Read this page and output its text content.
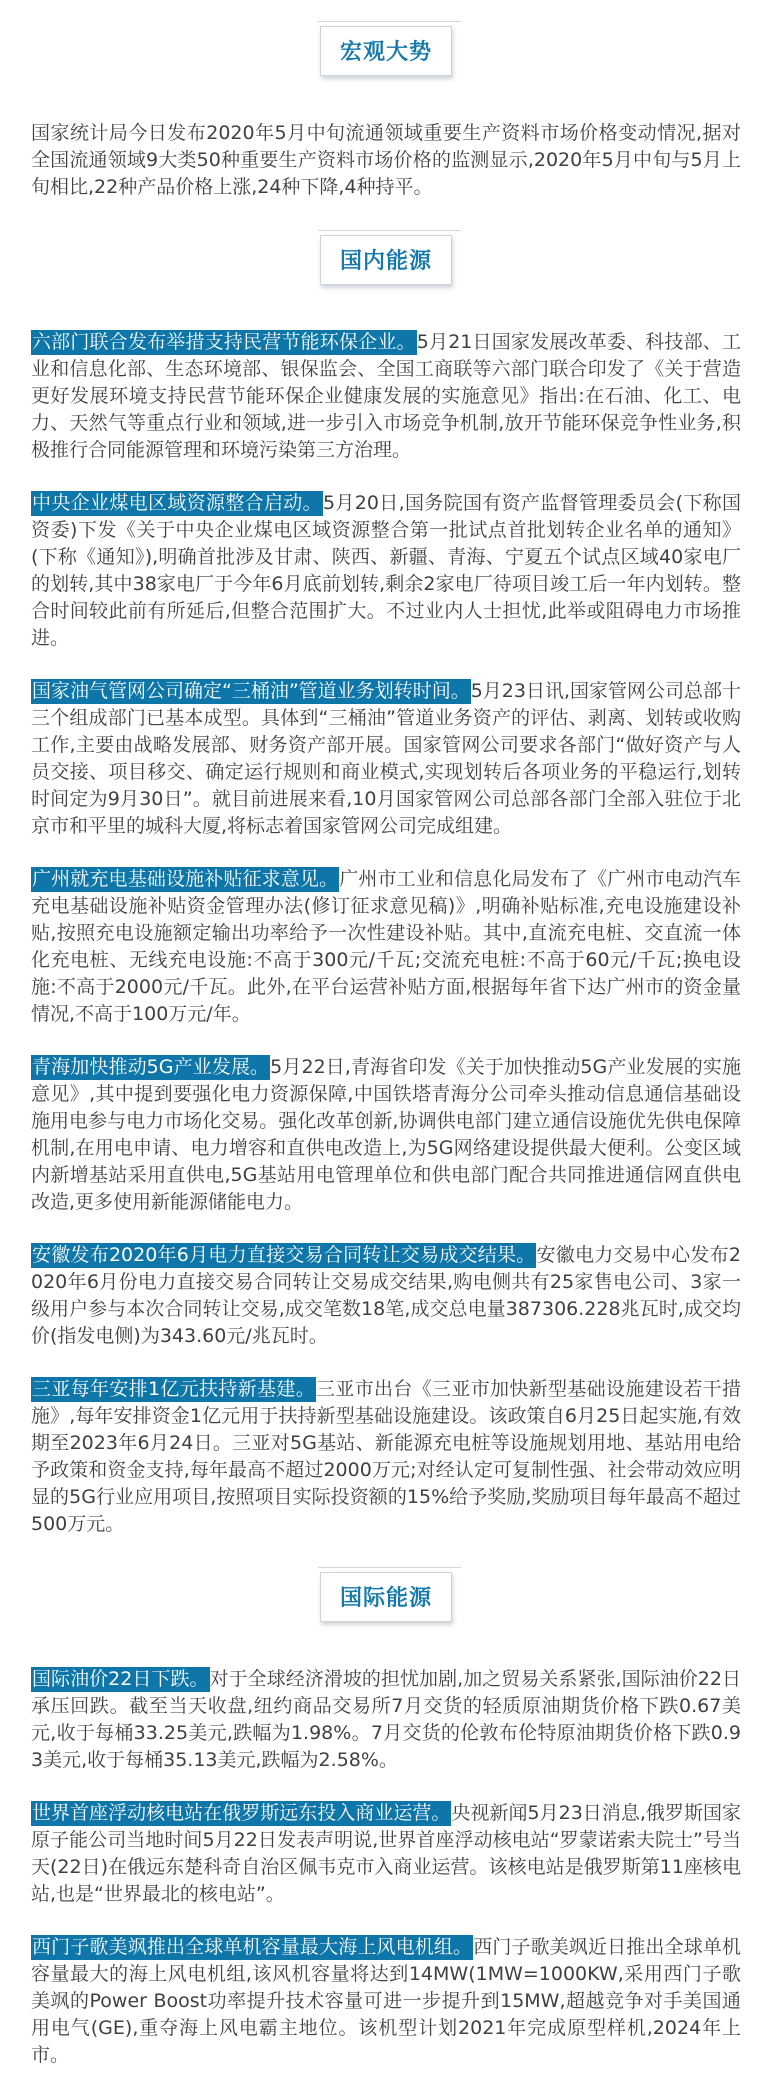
宏观大势

国家统计局今日发布2020年5月中旬流通领域重要生产资料市场价格变动情况,据对全国流通领域9大类50种重要生产资料市场价格的监测显示,2020年5月中旬与5月上旬相比,22种产品价格上涨,24种下降,4种持平。

国内能源

六部门联合发布举措支持民营节能环保企业。5月21日国家发展改革委、科技部、工业和信息化部、生态环境部、银保监会、全国工商联等六部门联合印发了《关于营造更好发展环境支持民营节能环保企业健康发展的实施意见》指出:在石油、化工、电力、天然气等重点行业和领域,进一步引入市场竞争机制,放开节能环保竞争性业务,积极推行合同能源管理和环境污染第三方治理。

中央企业煤电区域资源整合启动。5月20日,国务院国有资产监督管理委员会(下称国资委)下发《关于中央企业煤电区域资源整合第一批试点首批划转企业名单的通知》(下称《通知》),明确首批涉及甘肃、陕西、新疆、青海、宁夏五个试点区域40家电厂的划转,其中38家电厂于今年6月底前划转,剩余2家电厂待项目竣工后一年内划转。整合时间较此前有所延后,但整合范围扩大。不过业内人士担忧,此举或阻碍电力市场推进。

国家油气管网公司确定“三桶油”管道业务划转时间。5月23日讯,国家管网公司总部十三个组成部门已基本成型。具体到“三桶油”管道业务资产的评估、剥离、划转或收购工作,主要由战略发展部、财务资产部开展。国家管网公司要求各部门“做好资产与人员交接、项目移交、确定运行规则和商业模式,实现划转后各项业务的平稳运行,划转时间定为9月30日”。就目前进展来看,10月国家管网公司总部各部门全部入驻位于北京市和平里的城科大厦,将标志着国家管网公司完成组建。

广州就充电基础设施补贴征求意见。广州市工业和信息化局发布了《广州市电动汽车充电基础设施补贴资金管理办法(修订征求意见稿)》,明确补贴标准,充电设施建设补贴,按照充电设施额定输出功率给予一次性建设补贴。其中,直流充电桩、交直流一体化充电桩、无线充电设施:不高于300元/千瓦;交流充电桩:不高于60元/千瓦;换电设施:不高于2000元/千瓦。此外,在平台运营补贴方面,根据每年省下达广州市的资金量情况,不高于100万元/年。

青海加快推动5G产业发展。5月22日,青海省印发《关于加快推动5G产业发展的实施意见》,其中提到要强化电力资源保障,中国铁塔青海分公司牵头推动信息通信基础设施用电参与电力市场化交易。强化改革创新,协调供电部门建立通信设施优先供电保障机制,在用电申请、电力增容和直供电改造上,为5G网络建设提供最大便利。公变区域内新增基站采用直供电,5G基站用电管理单位和供电部门配合共同推进通信网直供电改造,更多使用新能源储能电力。

安徽发布2020年6月电力直接交易合同转让交易成交结果。安徽电力交易中心发布2020年6月份电力直接交易合同转让交易成交结果,购电侧共有25家售电公司、3家一级用户参与本次合同转让交易,成交笔数18笔,成交总电量387306.228兆瓦时,成交均价(指发电侧)为343.60元/兆瓦时。

三亚每年安排1亿元扶持新基建。三亚市出台《三亚市加快新型基础设施建设若干措施》,每年安排资金1亿元用于扶持新型基础设施建设。该政策自6月25日起实施,有效期至2023年6月24日。三亚对5G基站、新能源充电桩等设施规划用地、基站用电给予政策和资金支持,每年最高不超过2000万元;对经认定可复制性强、社会带动效应明显的5G行业应用项目,按照项目实际投资额的15%给予奖励,奖励项目每年最高不超过500万元。

国际能源

国际油价22日下跌。对于全球经济滑坡的担忧加剧,加之贸易关系紧张,国际油价22日承压回跌。截至当天收盘,纽约商品交易所7月交货的轻质原油期货价格下跌0.67美元,收于每桶33.25美元,跌幅为1.98%。7月交货的伦敦布伦特原油期货价格下跌0.93美元,收于每桶35.13美元,跌幅为2.58%。

世界首座浮动核电站在俄罗斯远东投入商业运营。央视新闻5月23日消息,俄罗斯国家原子能公司当地时间5月22日发表声明说,世界首座浮动核电站“罗蒙诺索夫院士”号当天(22日)在俄远东楚科奇自治区佩韦克市入商业运营。该核电站是俄罗斯第11座核电站,也是“世界最北的核电站”。

西门子歌美飒推出全球单机容量最大海上风电机组。西门子歌美飒近日推出全球单机容量最大的海上风电机组,该风机容量将达到14MW(1MW=1000KW,采用西门子歌美飒的Power Boost功率提升技术容量可进一步提升到15MW,超越竞争对手美国通用电气(GE),重夺海上风电霸主地位。该机型计划2021年完成原型样机,2024年上市。
